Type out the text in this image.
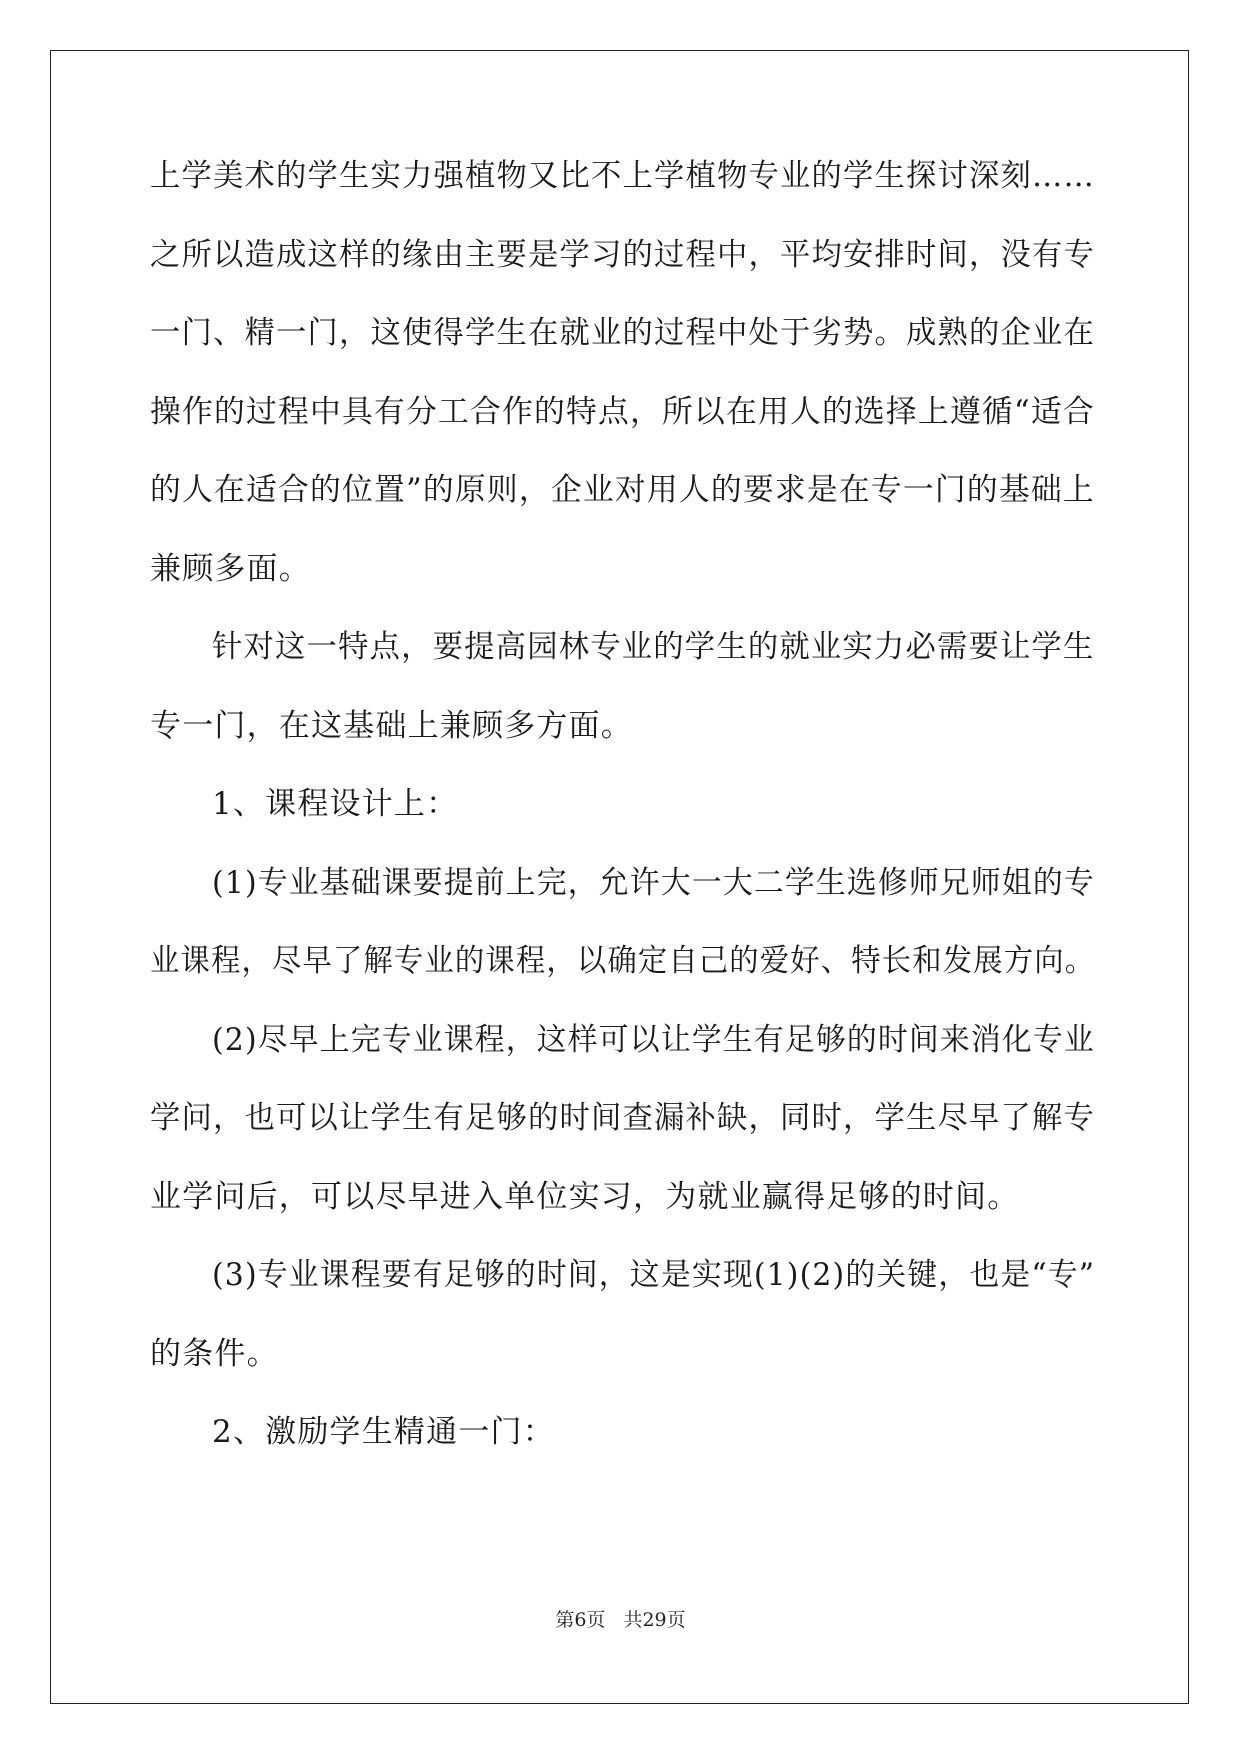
上学美术的学生实力强植物又比不上学植物专业的学生探讨深刻……
之所以造成这样的缘由主要是学习的过程中，平均安排时间，没有专
一门、精一门，这使得学生在就业的过程中处于劣势。成熟的企业在
操作的过程中具有分工合作的特点，所以在用人的选择上遵循“适合
的人在适合的位置”的原则，企业对用人的要求是在专一门的基础上
兼顾多面。
针对这一特点，要提高园林专业的学生的就业实力必需要让学生
专一门，在这基础上兼顾多方面。
1、课程设计上：
(1)专业基础课要提前上完，允许大一大二学生选修师兄师姐的专
业课程，尽早了解专业的课程，以确定自己的爱好、特长和发展方向。
(2)尽早上完专业课程，这样可以让学生有足够的时间来消化专业
学问，也可以让学生有足够的时间查漏补缺，同时，学生尽早了解专
业学问后，可以尽早进入单位实习，为就业赢得足够的时间。
(3)专业课程要有足够的时间，这是实现(1)(2)的关键，也是“专”
的条件。
2、激励学生精通一门：
第6页 共29页
